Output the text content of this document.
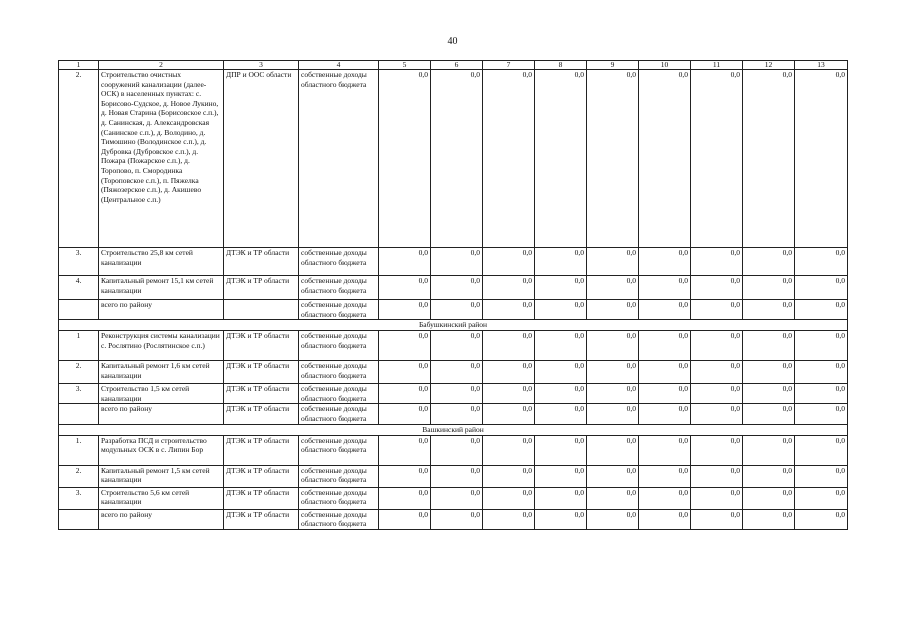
40
1	2	3	4	5	6	7	8	9	10	11	12	13
2.	Строительство очистных сооружений канализации (далее- ОСК) в населенных пунктах: с. Борисово-Судское, д. Новое Лукино, д. Новая Старина (Борисовское с.п.), д. Санинская, д. Александровская (Санинское с.п.), д. Володино, д. Тимошино (Володинское с.п.), д. Дубровка (Дубровское с.п.), д. Пожара (Пожарское с.п.), д. Торопово, п. Смородинка (Тороповское с.п.), п. Пяжелка (Пяжозерское с.п.), д. Акишево (Центральное с.п.)	ДПР и ООС области	собственные доходы областного бюджета	0,0	0,0	0,0	0,0	0,0	0,0	0,0	0,0	0,0
3.	Строительство 25,8 км сетей канализации	ДТЭК и ТР области	собственные доходы областного бюджета	0,0	0,0	0,0	0,0	0,0	0,0	0,0	0,0	0,0
4.	Капитальный ремонт 15,1 км сетей канализации	ДТЭК и ТР области	собственные доходы областного бюджета	0,0	0,0	0,0	0,0	0,0	0,0	0,0	0,0	0,0
	всего по району		собственные доходы областного бюджета	0,0	0,0	0,0	0,0	0,0	0,0	0,0	0,0	0,0
Бабушкинский район												
1	Реконструкция системы канализации с. Рослятино (Рослятинское с.п.)	ДТЭК и ТР области	собственные доходы областного бюджета	0,0	0,0	0,0	0,0	0,0	0,0	0,0	0,0	0,0
2.	Капитальный ремонт 1,6 км сетей канализации	ДТЭК и ТР области	собственные доходы областного бюджета	0,0	0,0	0,0	0,0	0,0	0,0	0,0	0,0	0,0
3.	Строительство 1,5 км сетей канализации	ДТЭК и ТР области	собственные доходы областного бюджета	0,0	0,0	0,0	0,0	0,0	0,0	0,0	0,0	0,0
	всего по району	ДТЭК и ТР области	собственные доходы областного бюджета	0,0	0,0	0,0	0,0	0,0	0,0	0,0	0,0	0,0
Вашкинский район												
1.	Разработка ПСД и строительство модульных ОСК в с. Липин Бор	ДТЭК и ТР области	собственные доходы областного бюджета	0,0	0,0	0,0	0,0	0,0	0,0	0,0	0,0	0,0
2.	Капитальный ремонт 1,5 км сетей канализации	ДТЭК и ТР области	собственные доходы областного бюджета	0,0	0,0	0,0	0,0	0,0	0,0	0,0	0,0	0,0
3.	Строительство 5,6 км сетей канализации	ДТЭК и ТР области	собственные доходы областного бюджета	0,0	0,0	0,0	0,0	0,0	0,0	0,0	0,0	0,0
	всего по району	ДТЭК и ТР области	собственные доходы областного бюджета	0,0	0,0	0,0	0,0	0,0	0,0	0,0	0,0	0,0
